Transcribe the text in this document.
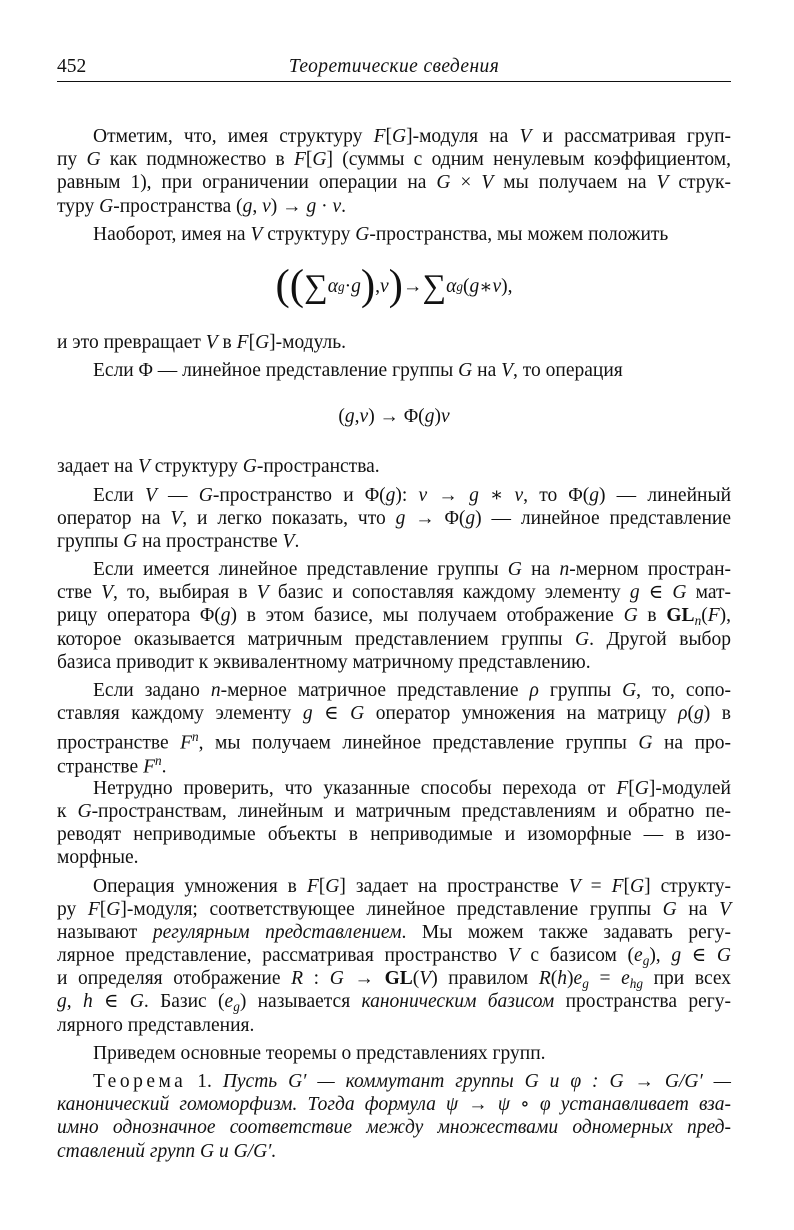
452	Теоретические сведения
Отметим, что, имея структуру F[G]-модуля на V и рассматривая груп-
пу G как подмножество в F[G] (суммы с одним ненулевым коэффициентом,
равным 1), при ограничении операции на G × V мы получаем на V струк-
туру G-пространства (g, v) → g · v.
Наоборот, имея на V структуру G-пространства, мы можем положить
( ( ∑ α g · g ) , v ) → ∑ α g ( g ∗ v ),
и это превращает V в F[G]-модуль.
Если Φ — линейное представление группы G на V, то операция
( g , v ) → Φ( g ) v
задает на V структуру G-пространства.
Если V — G-пространство и Φ(g): v → g ∗ v, то Φ(g) — линейный
оператор на V, и легко показать, что g → Φ(g) — линейное представление
группы G на пространстве V.
Если имеется линейное представление группы G на n-мерном простран-
стве V, то, выбирая в V базис и сопоставляя каждому элементу g ∈ G мат-
рицу оператора Φ(g) в этом базисе, мы получаем отображение G в $GL_n(F)$,
которое оказывается матричным представлением группы G. Другой выбор
базиса приводит к эквивалентному матричному представлению.
Если задано n-мерное матричное представление ρ группы G, то, сопо-
ставляя каждому элементу g ∈ G оператор умножения на матрицу ρ(g) в
пространстве $F^n$, мы получаем линейное представление группы G на про-
странстве $F^n$.
Нетрудно проверить, что указанные способы перехода от F[G]-модулей
к G-пространствам, линейным и матричным представлениям и обратно пе-
реводят неприводимые объекты в неприводимые и изоморфные — в изо-
морфные.
Операция умножения в F[G] задает на пространстве V = F[G] структу-
ру F[G]-модуля; соответствующее линейное представление группы G на V
называют регулярным представлением. Мы можем также задавать регу-
лярное представление, рассматривая пространство V с базисом $(e_g)$, g ∈ G
и определяя отображение R : G → GL(V) правилом $R(h)e_g = e_{hg}$ при всех
g, h ∈ G. Базис $(e_g)$ называется каноническим базисом пространства регу-
лярного представления.
Приведем основные теоремы о представлениях групп.
Теорема 1. Пусть G′ — коммутант группы G и φ : G → G/G′ —
канонический гомоморфизм. Тогда формула ψ → ψ ∘ φ устанавливает вза-
имно однозначное соответствие между множествами одномерных пред-
ставлений групп G и G/G′.
